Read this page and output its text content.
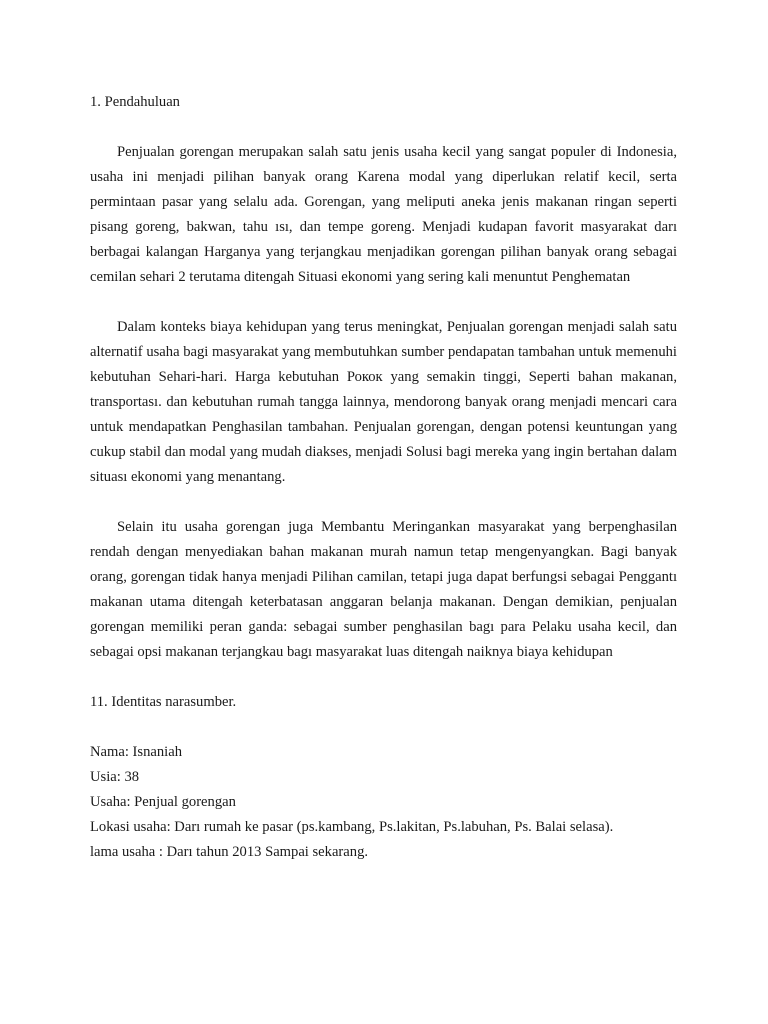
1. Pendahuluan

Penjualan gorengan merupakan salah satu jenis usaha kecil yang sangat populer di Indonesia, usaha ini menjadi pilihan banyak orang Karena modal yang diperlukan relatif kecil, serta permintaan pasar yang selalu ada. Gorengan, yang meliputi aneka jenis makanan ringan seperti pisang goreng, bakwan, tahu ısı, dan tempe goreng. Menjadi kudapan favorit masyarakat darı berbagai kalangan Harganya yang terjangkau menjadikan gorengan pilihan banyak orang sebagai cemilan sehari 2 terutama ditengah Situasi ekonomi yang sering kali menuntut Penghematan

Dalam konteks biaya kehidupan yang terus meningkat, Penjualan gorengan menjadi salah satu alternatif usaha bagi masyarakat yang membutuhkan sumber pendapatan tambahan untuk memenuhi kebutuhan Sehari-hari. Harga kebutuhan Рокок yang semakin tinggi, Seperti bahan makanan, transportası. dan kebutuhan rumah tangga lainnya, mendorong banyak orang menjadi mencari cara untuk mendapatkan Penghasilan tambahan. Penjualan gorengan, dengan potensi keuntungan yang cukup stabil dan modal yang mudah diakses, menjadi Solusi bagi mereka yang ingin bertahan dalam situası ekonomi yang menantang.

Selain itu usaha gorengan juga Membantu Meringankan masyarakat yang berpenghasilan rendah dengan menyediakan bahan makanan murah namun tetap mengenyangkan. Bagi banyak orang, gorengan tidak hanya menjadi Pilihan camilan, tetapi juga dapat berfungsi sebagai Penggantı makanan utama ditengah keterbatasan anggaran belanja makanan. Dengan demikian, penjualan gorengan memiliki peran ganda: sebagai sumber penghasilan bagı para Pelaku usaha kecil, dan sebagai opsi makanan terjangkau bagı masyarakat luas ditengah naiknya biaya kehidupan

11. Identitas narasumber.

Nama: Isnaniah

Usia: 38

Usaha: Penjual gorengan

Lokasi usaha: Darı rumah ke pasar (ps.kambang, Ps.lakitan, Ps.labuhan, Ps. Balai selasa).

lama usaha : Darı tahun 2013 Sampai sekarang.
